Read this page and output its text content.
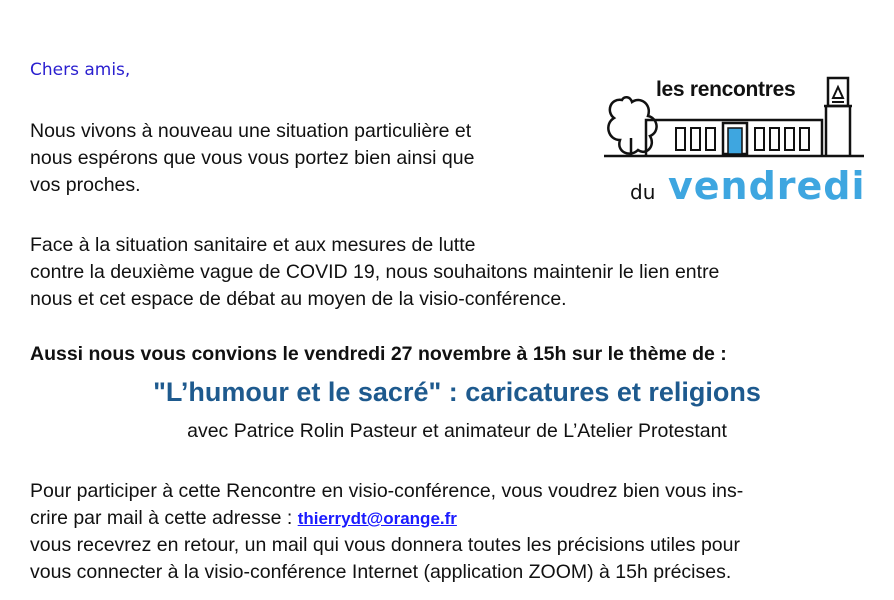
Chers amis,

Nous vivons à nouveau une situation particulière et
nous espérons que vous vous portez bien ainsi que
vos proches.

Face à la situation sanitaire et aux mesures de lutte
contre la deuxième vague de COVID 19, nous souhaitons maintenir le lien entre
nous et cet espace de débat au moyen de la visio-conférence.

Aussi nous vous convions le vendredi 27 novembre à 15h sur le thème de :
"L’humour et le sacré" : caricatures et religions
avec Patrice Rolin Pasteur et animateur de L’Atelier Protestant

Pour participer à cette Rencontre en visio-conférence, vous voudrez bien vous ins-
crire par mail à cette adresse : thierrydt@orange.fr
vous recevrez en retour, un mail qui vous donnera toutes les précisions utiles pour
vous connecter à la visio-conférence Internet (application ZOOM) à 15h précises.

les rencontres
du vendredi
